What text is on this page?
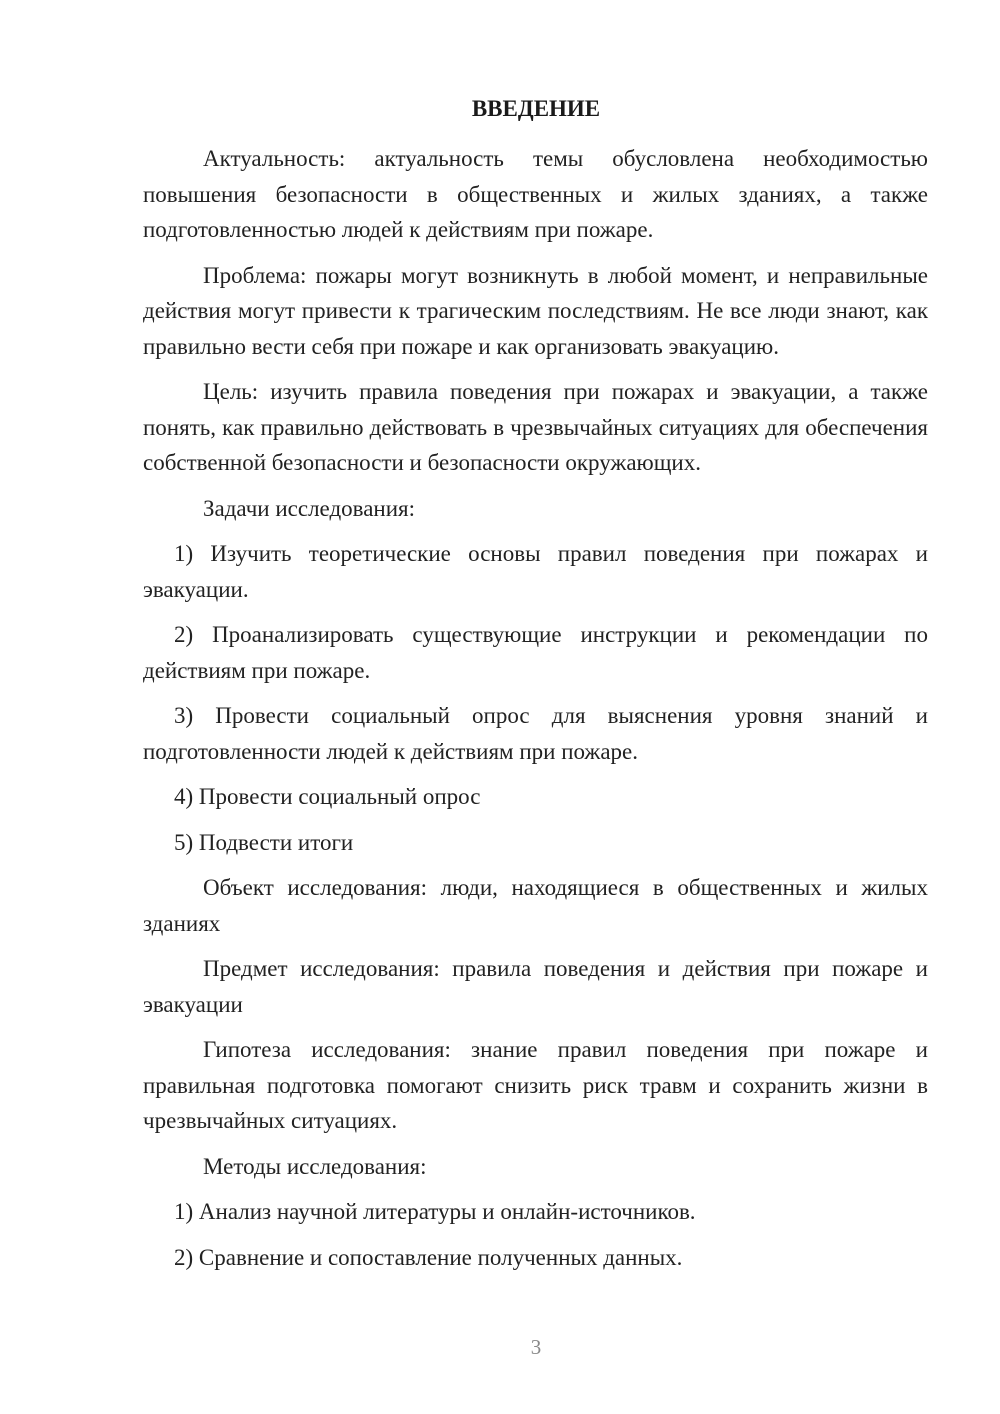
ВВЕДЕНИЕ

Актуальность: актуальность темы обусловлена необходимостью повышения безопасности в общественных и жилых зданиях, а также подготовленностью людей к действиям при пожаре.

Проблема: пожары могут возникнуть в любой момент, и неправильные действия могут привести к трагическим последствиям. Не все люди знают, как правильно вести себя при пожаре и как организовать эвакуацию.

Цель: изучить правила поведения при пожарах и эвакуации, а также понять, как правильно действовать в чрезвычайных ситуациях для обеспечения собственной безопасности и безопасности окружающих.

Задачи исследования:

1) Изучить теоретические основы правил поведения при пожарах и эвакуации.

2) Проанализировать существующие инструкции и рекомендации по действиям при пожаре.

3) Провести социальный опрос для выяснения уровня знаний и подготовленности людей к действиям при пожаре.

4) Провести социальный опрос

5) Подвести итоги

Объект исследования: люди, находящиеся в общественных и жилых зданиях

Предмет исследования: правила поведения и действия при пожаре и эвакуации

Гипотеза исследования: знание правил поведения при пожаре и правильная подготовка помогают снизить риск травм и сохранить жизни в чрезвычайных ситуациях.

Методы исследования:

1) Анализ научной литературы и онлайн-источников.

2) Сравнение и сопоставление полученных данных.

3
